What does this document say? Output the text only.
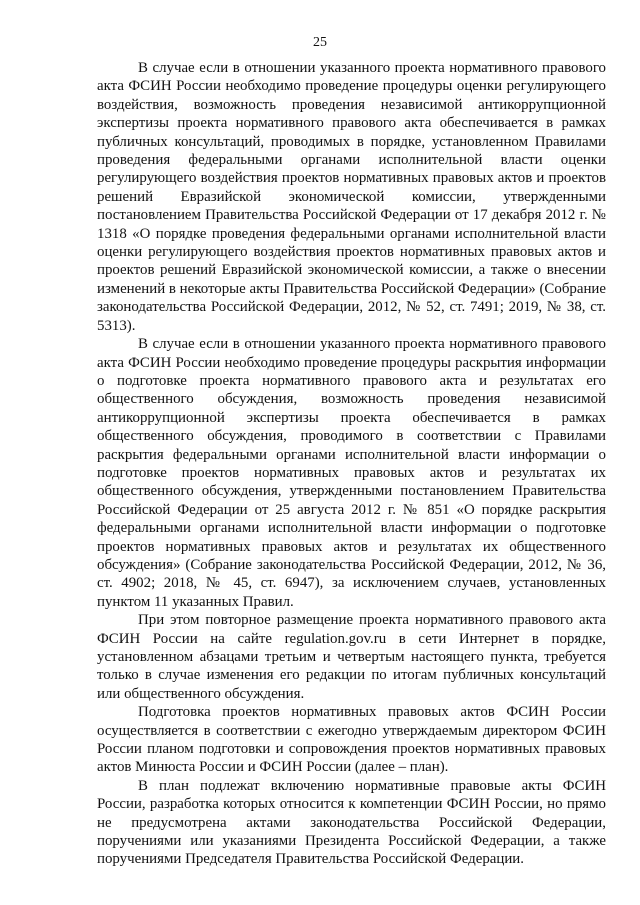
25

В случае если в отношении указанного проекта нормативного правового акта ФСИН России необходимо проведение процедуры оценки регулирующего воздействия, возможность проведения независимой антикоррупционной экспертизы проекта нормативного правового акта обеспечивается в рамках публичных консультаций, проводимых в порядке, установленном Правилами проведения федеральными органами исполнительной власти оценки регулирующего воздействия проектов нормативных правовых актов и проектов решений Евразийской экономической комиссии, утвержденными постановлением Правительства Российской Федерации от 17 декабря 2012 г. № 1318 «О порядке проведения федеральными органами исполнительной власти оценки регулирующего воздействия проектов нормативных правовых актов и проектов решений Евразийской экономической комиссии, а также о внесении изменений в некоторые акты Правительства Российской Федерации» (Собрание законодательства Российской Федерации, 2012, № 52, ст. 7491; 2019, № 38, ст. 5313).

В случае если в отношении указанного проекта нормативного правового акта ФСИН России необходимо проведение процедуры раскрытия информации о подготовке проекта нормативного правового акта и результатах его общественного обсуждения, возможность проведения независимой антикоррупционной экспертизы проекта обеспечивается в рамках общественного обсуждения, проводимого в соответствии с Правилами раскрытия федеральными органами исполнительной власти информации о подготовке проектов нормативных правовых актов и результатах их общественного обсуждения, утвержденными постановлением Правительства Российской Федерации от 25 августа 2012 г. № 851 «О порядке раскрытия федеральными органами исполнительной власти информации о подготовке проектов нормативных правовых актов и результатах их общественного обсуждения» (Собрание законодательства Российской Федерации, 2012, № 36, ст. 4902; 2018, № 45, ст. 6947), за исключением случаев, установленных пунктом 11 указанных Правил.

При этом повторное размещение проекта нормативного правового акта ФСИН России на сайте regulation.gov.ru в сети Интернет в порядке, установленном абзацами третьим и четвертым настоящего пункта, требуется только в случае изменения его редакции по итогам публичных консультаций или общественного обсуждения.

Подготовка проектов нормативных правовых актов ФСИН России осуществляется в соответствии с ежегодно утверждаемым директором ФСИН России планом подготовки и сопровождения проектов нормативных правовых актов Минюста России и ФСИН России (далее – план).

В план подлежат включению нормативные правовые акты ФСИН России, разработка которых относится к компетенции ФСИН России, но прямо не предусмотрена актами законодательства Российской Федерации, поручениями или указаниями Президента Российской Федерации, а также поручениями Председателя Правительства Российской Федерации.
